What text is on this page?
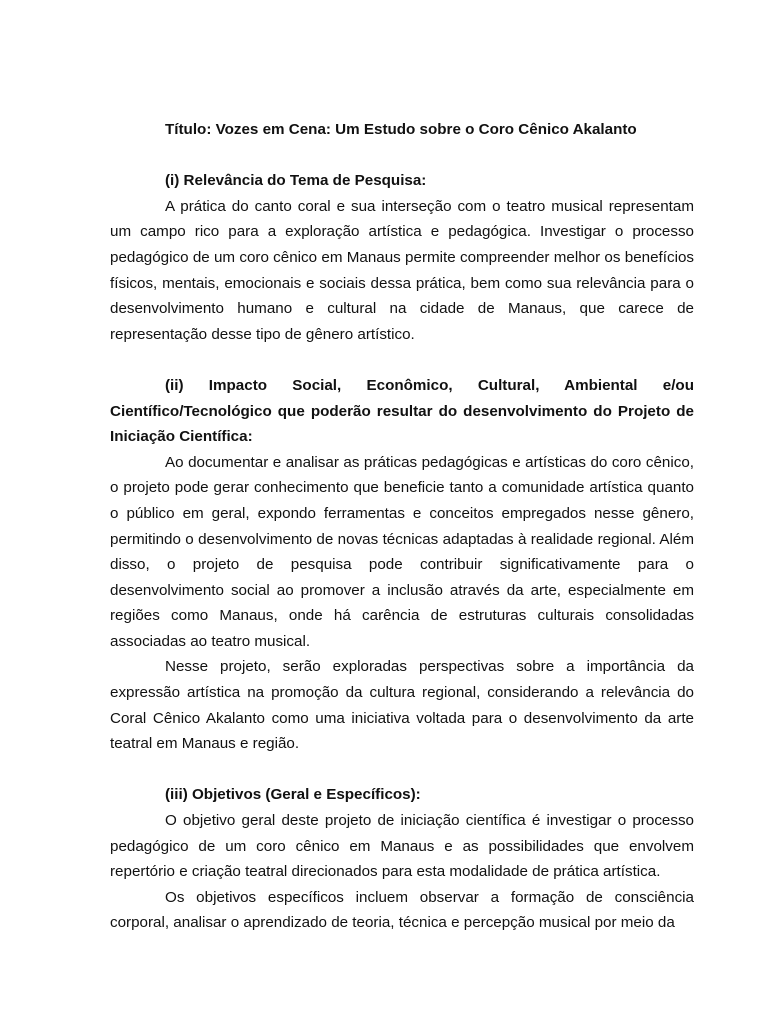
Título: Vozes em Cena: Um Estudo sobre o Coro Cênico Akalanto
(i) Relevância do Tema de Pesquisa:

A prática do canto coral e sua interseção com o teatro musical representam um campo rico para a exploração artística e pedagógica. Investigar o processo pedagógico de um coro cênico em Manaus permite compreender melhor os benefícios físicos, mentais, emocionais e sociais dessa prática, bem como sua relevância para o desenvolvimento humano e cultural na cidade de Manaus, que carece de representação desse tipo de gênero artístico.

(ii) Impacto Social, Econômico, Cultural, Ambiental e/ou Científico/Tecnológico que poderão resultar do desenvolvimento do Projeto de Iniciação Científica:

Ao documentar e analisar as práticas pedagógicas e artísticas do coro cênico, o projeto pode gerar conhecimento que beneficie tanto a comunidade artística quanto o público em geral, expondo ferramentas e conceitos empregados nesse gênero, permitindo o desenvolvimento de novas técnicas adaptadas à realidade regional. Além disso, o projeto de pesquisa pode contribuir significativamente para o desenvolvimento social ao promover a inclusão através da arte, especialmente em regiões como Manaus, onde há carência de estruturas culturais consolidadas associadas ao teatro musical.

Nesse projeto, serão exploradas perspectivas sobre a importância da expressão artística na promoção da cultura regional, considerando a relevância do Coral Cênico Akalanto como uma iniciativa voltada para o desenvolvimento da arte teatral em Manaus e região.

(iii) Objetivos (Geral e Específicos):

O objetivo geral deste projeto de iniciação científica é investigar o processo pedagógico de um coro cênico em Manaus e as possibilidades que envolvem repertório e criação teatral direcionados para esta modalidade de prática artística.

Os objetivos específicos incluem observar a formação de consciência corporal, analisar o aprendizado de teoria, técnica e percepção musical por meio da
